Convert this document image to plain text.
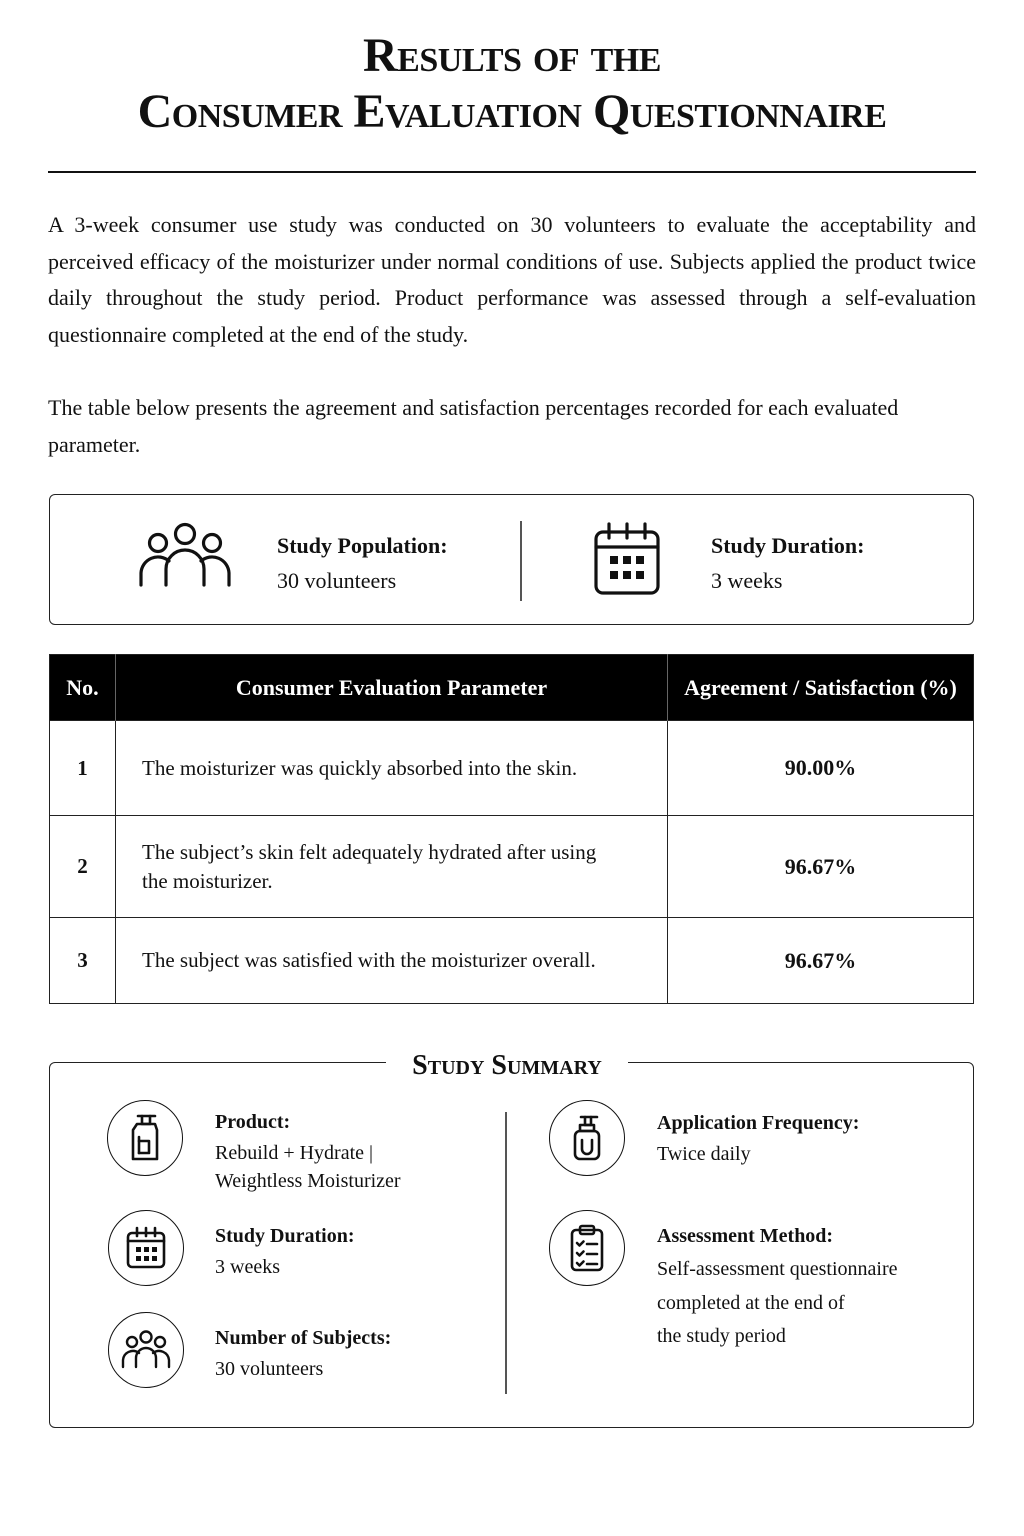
Results of the
Consumer Evaluation Questionnaire

A 3-week consumer use study was conducted on 30 volunteers to evaluate the acceptability and perceived efficacy of the moisturizer under normal conditions of use. Subjects applied the product twice daily throughout the study period. Product performance was assessed through a self-evaluation questionnaire completed at the end of the study.

The table below presents the agreement and satisfaction percentages recorded for each evaluated parameter.

Study Population:
30 volunteers
Study Duration:
3 weeks
No.	Consumer Evaluation Parameter	Agreement / Satisfaction (%)
1	The moisturizer was quickly absorbed into the skin.	90.00%
2	The subject’s skin felt adequately hydrated after using the moisturizer.	96.67%
3	The subject was satisfied with the moisturizer overall.	96.67%
Study Summary
Product:
Rebuild + Hydrate |
Weightless Moisturizer
Study Duration:
3 weeks
Number of Subjects:
30 volunteers
Application Frequency:
Twice daily
Assessment Method:
Self-assessment questionnaire
completed at the end of
the study period
